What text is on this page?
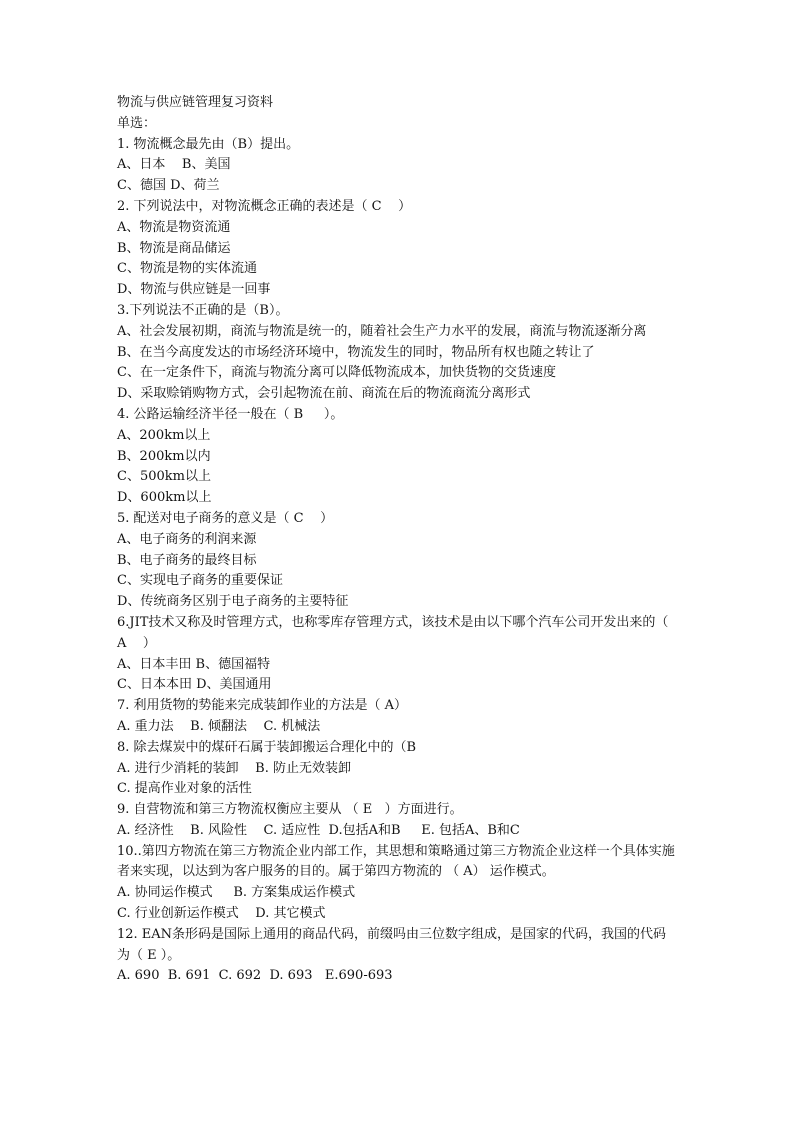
物流与供应链管理复习资料
单选：
1. 物流概念最先由（B）提出。
A、日本    B、美国
C、德国 D、荷兰
2. 下列说法中，对物流概念正确的表述是（ C    ）
A、物流是物资流通
B、物流是商品储运
C、物流是物的实体流通
D、物流与供应链是一回事
3.下列说法不正确的是（B）。
A、社会发展初期，商流与物流是统一的，随着社会生产力水平的发展，商流与物流逐渐分离
B、在当今高度发达的市场经济环境中，物流发生的同时，物品所有权也随之转让了
C、在一定条件下，商流与物流分离可以降低物流成本，加快货物的交货速度
D、采取赊销购物方式，会引起物流在前、商流在后的物流商流分离形式
4. 公路运输经济半径一般在（ B     ）。
A、200km以上
B、200km以内
C、500km以上
D、600km以上
5. 配送对电子商务的意义是（ C    ）
A、电子商务的利润来源
B、电子商务的最终目标
C、实现电子商务的重要保证
D、传统商务区别于电子商务的主要特征
6.JIT技术又称及时管理方式，也称零库存管理方式，该技术是由以下哪个汽车公司开发出来的（ A    ）
A、日本丰田 B、德国福特
C、日本本田 D、美国通用
7. 利用货物的势能来完成装卸作业的方法是（ A）
A. 重力法    B. 倾翻法    C. 机械法
8. 除去煤炭中的煤矸石属于装卸搬运合理化中的（B
A. 进行少消耗的装卸    B. 防止无效装卸
C. 提高作业对象的活性
9. 自营物流和第三方物流权衡应主要从 （ E   ）方面进行。
A. 经济性    B. 风险性    C. 适应性  D.包括A和B     E. 包括A、B和C
10..第四方物流在第三方物流企业内部工作，其思想和策略通过第三方物流企业这样一个具体实施者来实现，以达到为客户服务的目的。属于第四方物流的 （ A） 运作模式。
A. 协同运作模式     B. 方案集成运作模式
C. 行业创新运作模式    D. 其它模式
12. EAN条形码是国际上通用的商品代码，前缀吗由三位数字组成，是国家的代码，我国的代码为（ E ）。
A. 690  B. 691  C. 692  D. 693   E.690-693
